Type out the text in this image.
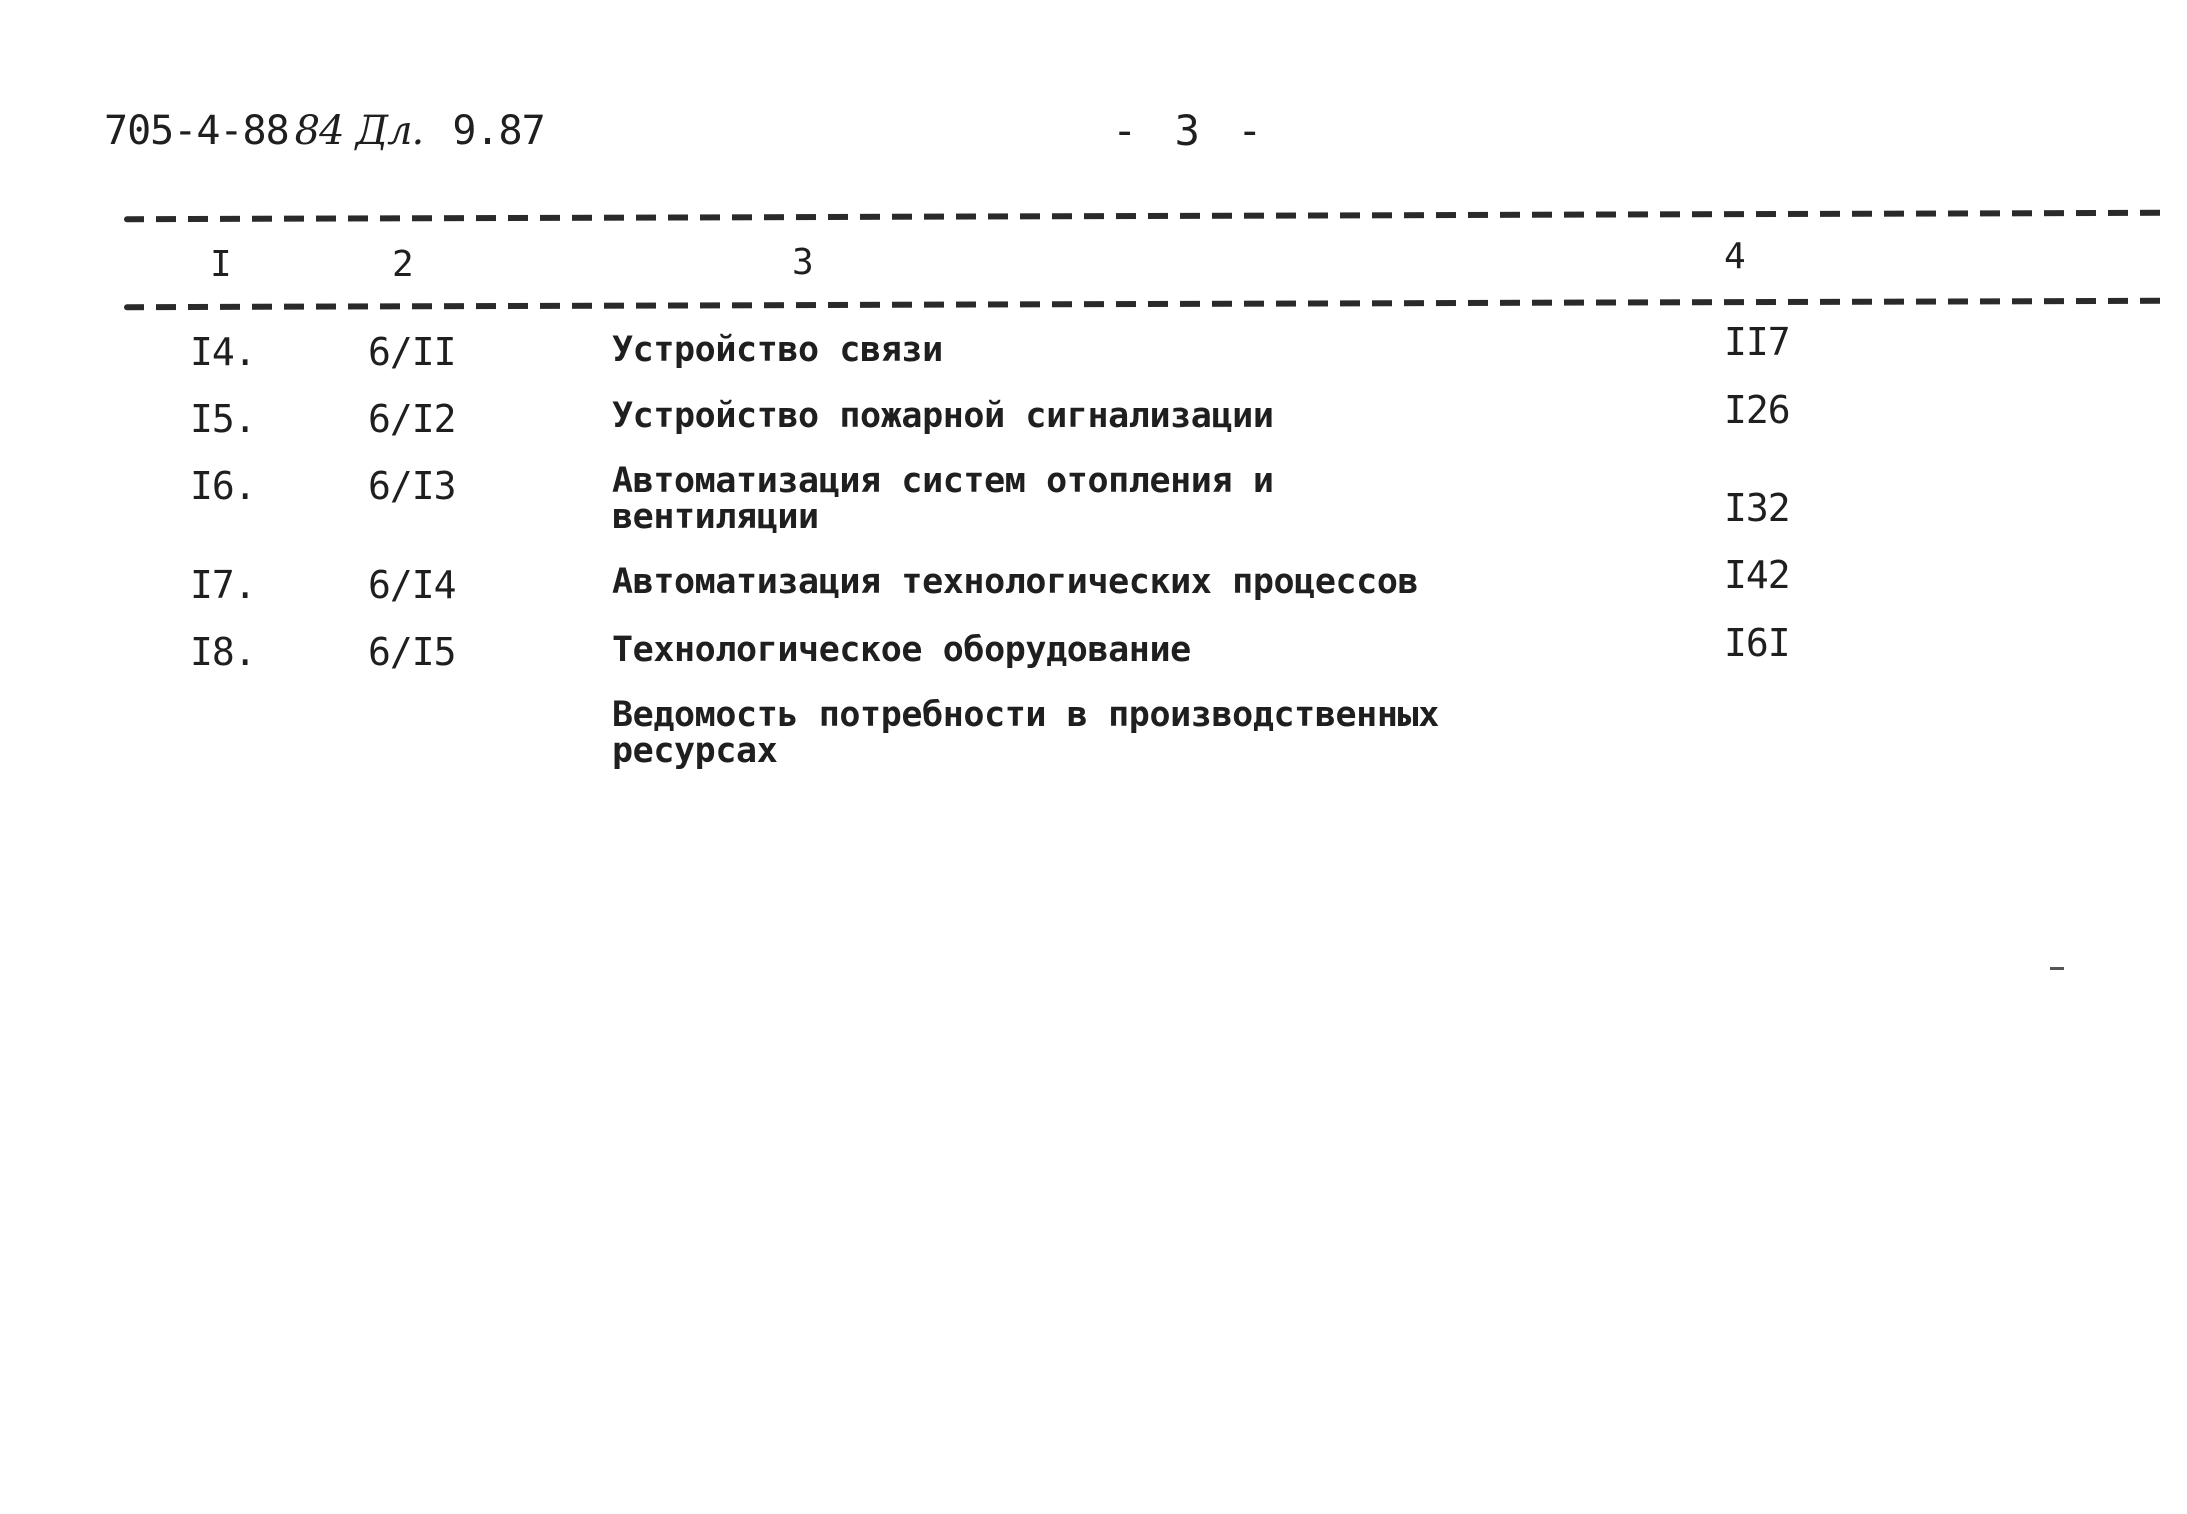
705-4-88 84 Дл. 9.87	- 3 -
I	2	3	4
I4.	6/II	Устройство связи	II7
I5.	6/I2	Устройство пожарной сигнализации	I26
I6.	6/I3	Автоматизация систем отопления и вентиляции	I32
I7.	6/I4	Автоматизация технологических процессов	I42
I8.	6/I5	Технологическое оборудование	I6I
Ведомость потребности в производственных ресурсах
